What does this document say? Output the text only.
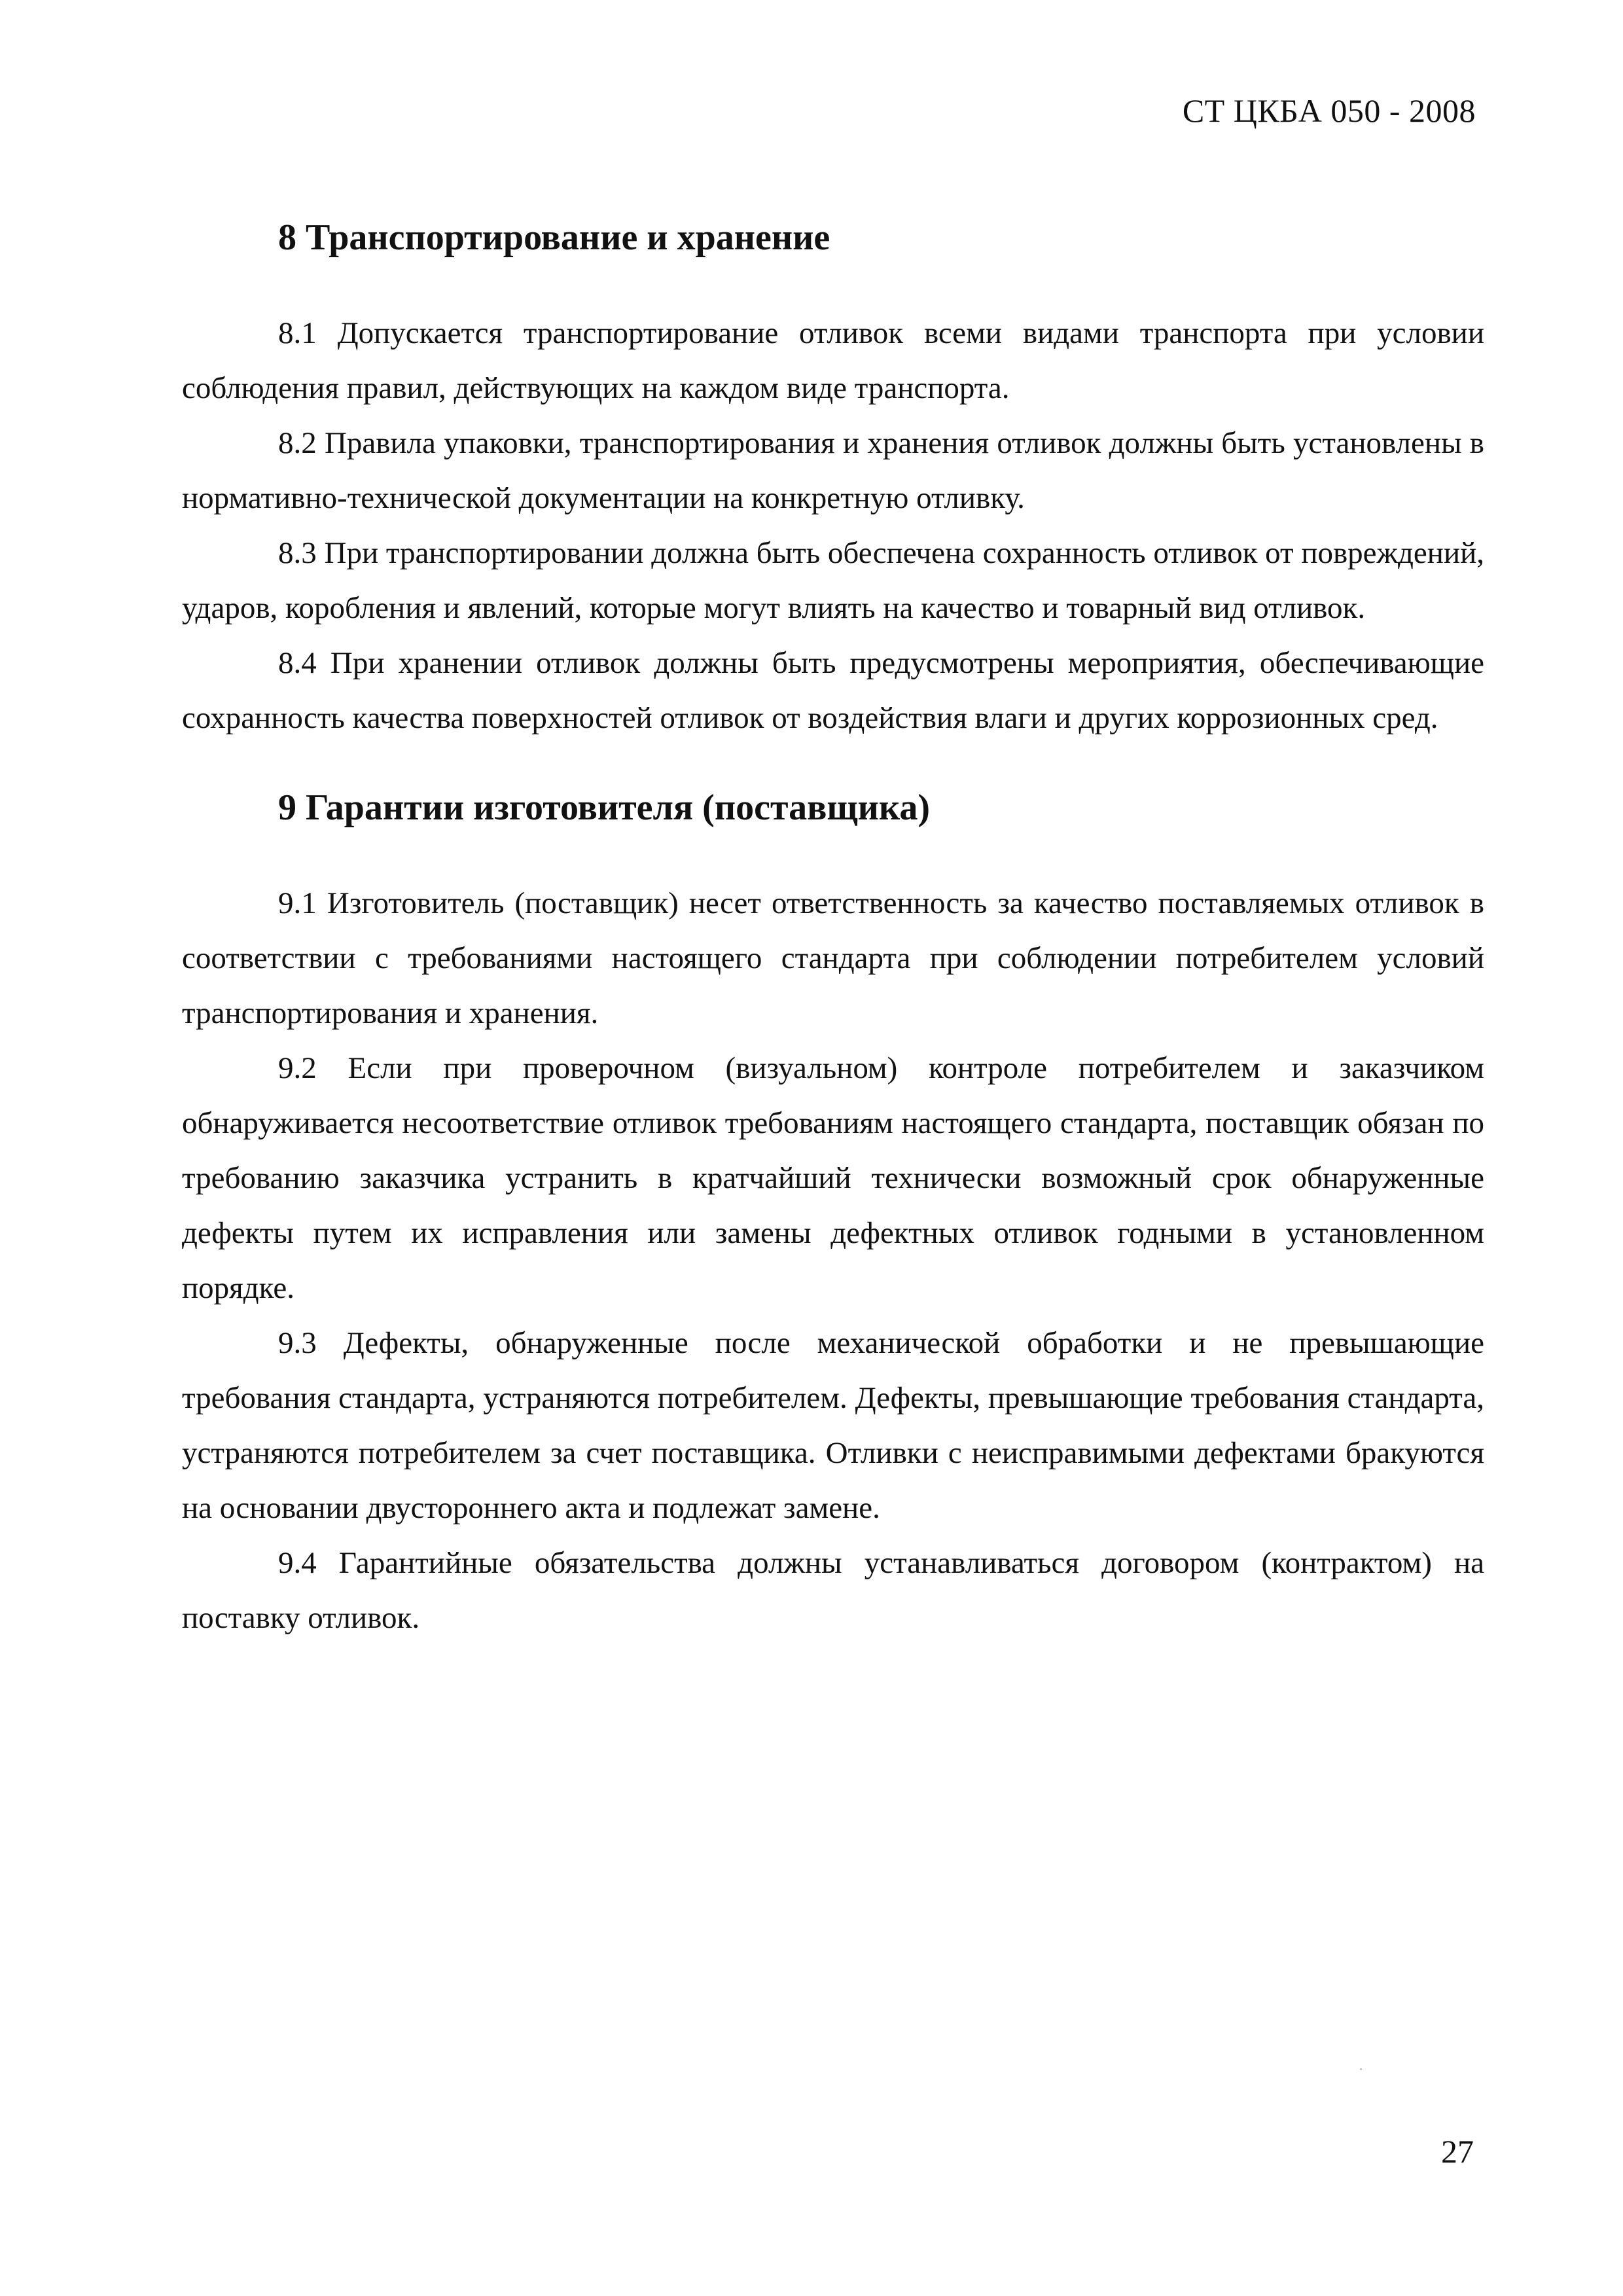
СТ ЦКБА 050 - 2008
8 Транспортирование и хранение

8.1 Допускается транспортирование отливок всеми видами транспорта при условии соблюдения правил, действующих на каждом виде транспорта.

8.2 Правила упаковки, транспортирования и хранения отливок должны быть установлены в нормативно-технической документации на конкретную отливку.

8.3 При транспортировании должна быть обеспечена сохранность отливок от повреждений, ударов, коробления и явлений, которые могут влиять на качество и товарный вид отливок.

8.4 При хранении отливок должны быть предусмотрены мероприятия, обеспечивающие сохранность качества поверхностей отливок от воздействия влаги и других коррозионных сред.

9 Гарантии изготовителя (поставщика)

9.1 Изготовитель (поставщик) несет ответственность за качество поставляемых отливок в соответствии с требованиями настоящего стандарта при соблюдении потребителем условий транспортирования и хранения.

9.2 Если при проверочном (визуальном) контроле потребителем и заказчиком обнаруживается несоответствие отливок требованиям настоящего стандарта, поставщик обязан по требованию заказчика устранить в кратчайший технически возможный срок обнаруженные дефекты путем их исправления или замены дефектных отливок годными в установленном порядке.

9.3 Дефекты, обнаруженные после механической обработки и не превышающие требования стандарта, устраняются потребителем. Дефекты, превышающие требования стандарта, устраняются потребителем за счет поставщика. Отливки с неисправимыми дефектами бракуются на основании двустороннего акта и подлежат замене.

9.4 Гарантийные обязательства должны устанавливаться договором (контрактом) на поставку отливок.

27
